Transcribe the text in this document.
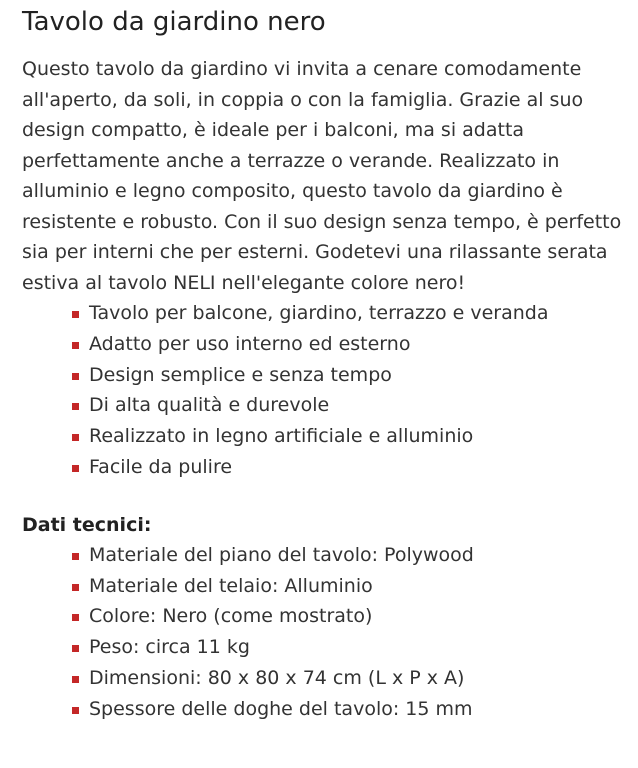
Tavolo da giardino nero

Questo tavolo da giardino vi invita a cenare comodamente all'aperto, da soli, in coppia o con la famiglia. Grazie al suo design compatto, è ideale per i balconi, ma si adatta perfettamente anche a terrazze o verande. Realizzato in alluminio e legno composito, questo tavolo da giardino è resistente e robusto. Con il suo design senza tempo, è perfetto sia per interni che per esterni. Godetevi una rilassante serata estiva al tavolo NELI nell'elegante colore nero!

Tavolo per balcone, giardino, terrazzo e veranda
Adatto per uso interno ed esterno
Design semplice e senza tempo
Di alta qualità e durevole
Realizzato in legno artificiale e alluminio
Facile da pulire
Dati tecnici:
Materiale del piano del tavolo: Polywood
Materiale del telaio: Alluminio
Colore: Nero (come mostrato)
Peso: circa 11 kg
Dimensioni: 80 x 80 x 74 cm (L x P x A)
Spessore delle doghe del tavolo: 15 mm
